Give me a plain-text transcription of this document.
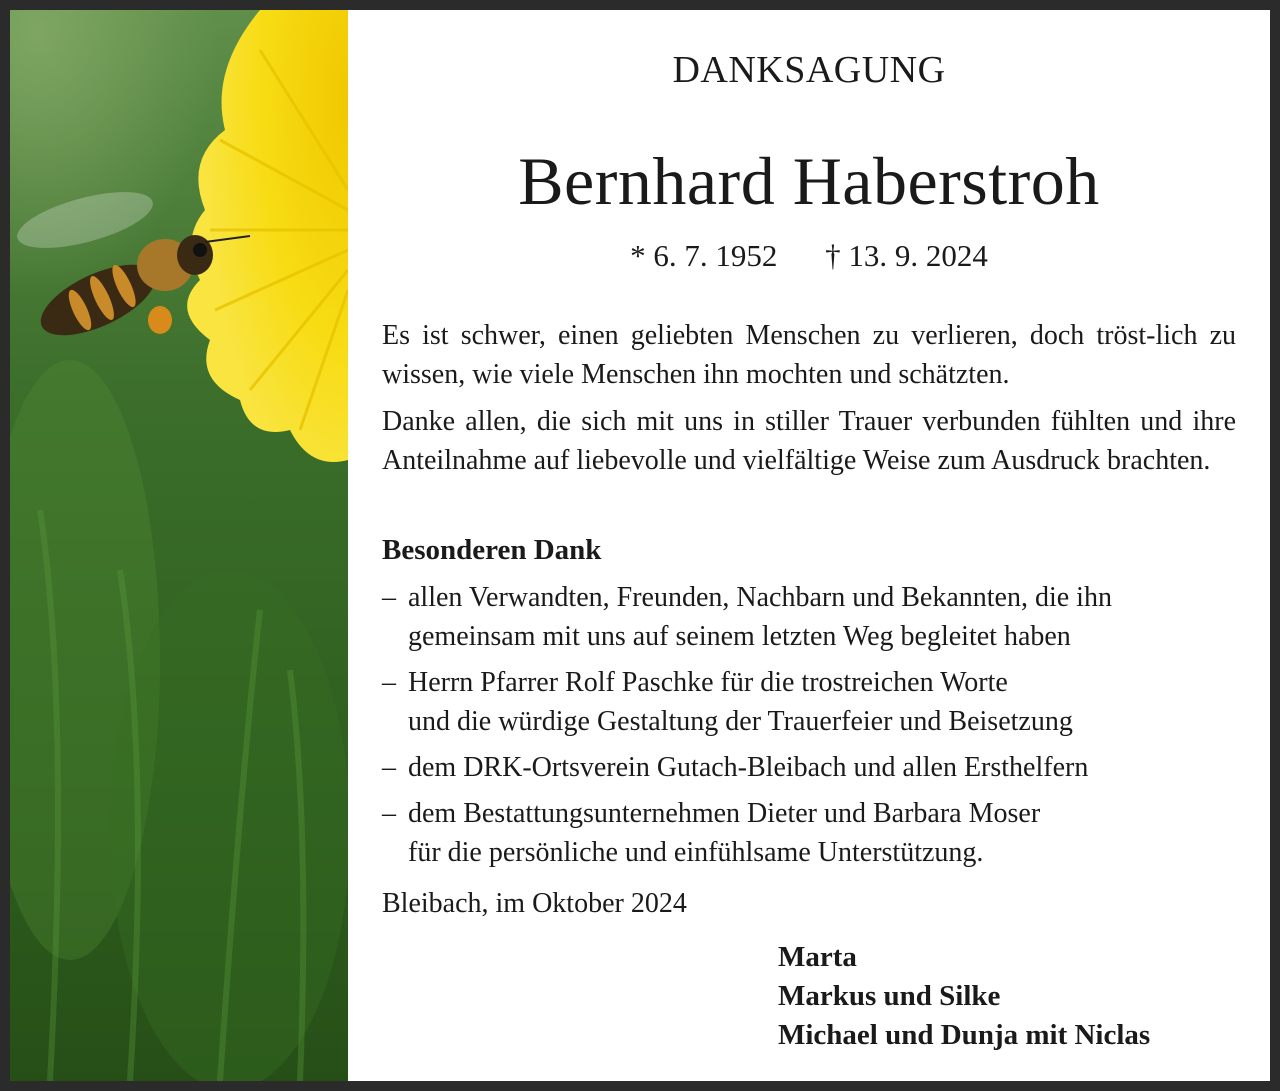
DANKSAGUNG
Bernhard Haberstroh
* 6. 7. 1952 † 13. 9. 2024

Es ist schwer, einen geliebten Menschen zu verlieren, doch tröst-lich zu wissen, wie viele Menschen ihn mochten und schätzten.

Danke allen, die sich mit uns in stiller Trauer verbunden fühlten und ihre Anteilnahme auf liebevolle und vielfältige Weise zum Ausdruck brachten.

Besonderen Dank
– allen Verwandten, Freunden, Nachbarn und Bekannten, die ihn
gemeinsam mit uns auf seinem letzten Weg begleitet haben
– Herrn Pfarrer Rolf Paschke für die trostreichen Worte
und die würdige Gestaltung der Trauerfeier und Beisetzung
– dem DRK-Ortsverein Gutach-Bleibach und allen Ersthelfern
– dem Bestattungsunternehmen Dieter und Barbara Moser
für die persönliche und einfühlsame Unterstützung.
Bleibach, im Oktober 2024
Marta
Markus und Silke
Michael und Dunja mit Niclas
